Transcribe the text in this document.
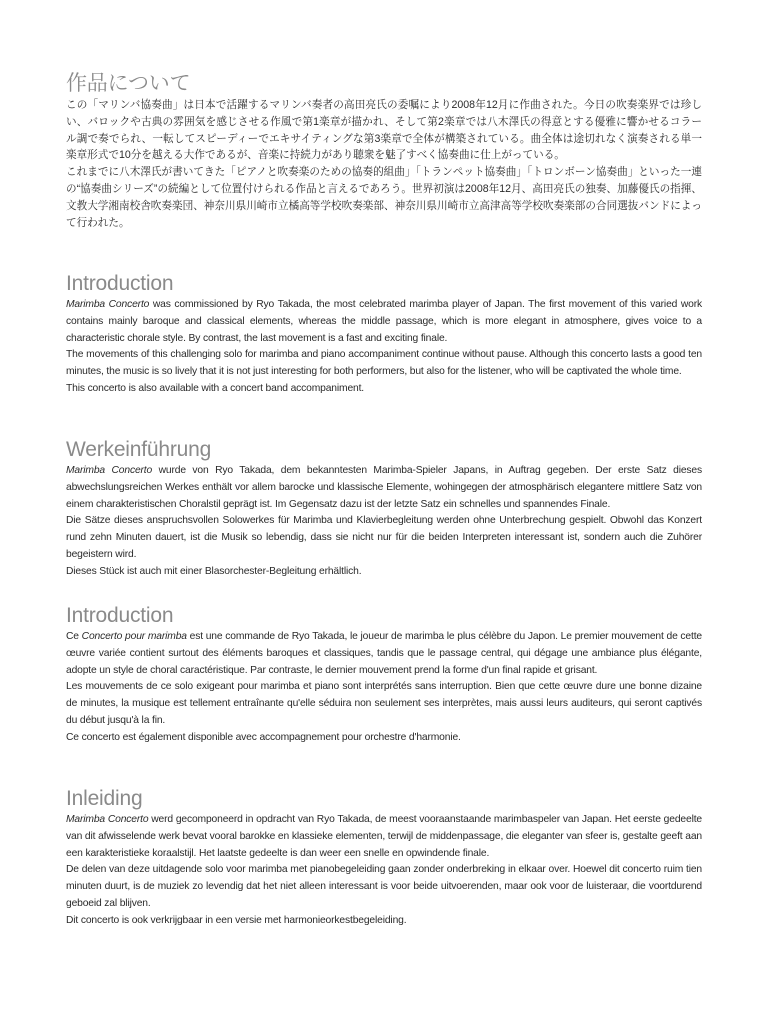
作品について

この「マリンバ協奏曲」は日本で活躍するマリンバ奏者の高田亮氏の委嘱により2008年12月に作曲された。今日の吹奏楽界では珍しい、バロックや古典の雰囲気を感じさせる作風で第1楽章が描かれ、そして第2楽章では八木澤氏の得意とする優雅に響かせるコラール調で奏でられ、一転してスピーディーでエキサイティングな第3楽章で全体が構築されている。曲全体は途切れなく演奏される単一楽章形式で10分を越える大作であるが、音楽に持続力があり聴衆を魅了すべく協奏曲に仕上がっている。

これまでに八木澤氏が書いてきた「ピアノと吹奏楽のための協奏的組曲」「トランペット協奏曲」「トロンボーン協奏曲」といった一連の“協奏曲シリーズ”の続編として位置付けられる作品と言えるであろう。世界初演は2008年12月、高田亮氏の独奏、加藤優氏の指揮、文教大学湘南校舎吹奏楽団、神奈川県川崎市立橘高等学校吹奏楽部、神奈川県川崎市立高津高等学校吹奏楽部の合同選抜バンドによって行われた。

Introduction

Marimba Concerto was commissioned by Ryo Takada, the most celebrated marimba player of Japan. The first movement of this varied work contains mainly baroque and classical elements, whereas the middle passage, which is more elegant in atmosphere, gives voice to a characteristic chorale style. By contrast, the last movement is a fast and exciting finale.

The movements of this challenging solo for marimba and piano accompaniment continue without pause. Although this concerto lasts a good ten minutes, the music is so lively that it is not just interesting for both performers, but also for the listener, who will be captivated the whole time.

This concerto is also available with a concert band accompaniment.

Werkeinführung

Marimba Concerto wurde von Ryo Takada, dem bekanntesten Marimba-Spieler Japans, in Auftrag gegeben. Der erste Satz dieses abwechslungsreichen Werkes enthält vor allem barocke und klassische Elemente, wohingegen der atmosphärisch elegantere mittlere Satz von einem charakteristischen Choralstil geprägt ist. Im Gegensatz dazu ist der letzte Satz ein schnelles und spannendes Finale.

Die Sätze dieses anspruchsvollen Solowerkes für Marimba und Klavierbegleitung werden ohne Unterbrechung gespielt. Obwohl das Konzert rund zehn Minuten dauert, ist die Musik so lebendig, dass sie nicht nur für die beiden Interpreten interessant ist, sondern auch die Zuhörer begeistern wird.

Dieses Stück ist auch mit einer Blasorchester-Begleitung erhältlich.

Introduction

Ce Concerto pour marimba est une commande de Ryo Takada, le joueur de marimba le plus célèbre du Japon. Le premier mouvement de cette œuvre variée contient surtout des éléments baroques et classiques, tandis que le passage central, qui dégage une ambiance plus élégante, adopte un style de choral caractéristique. Par contraste, le dernier mouvement prend la forme d'un final rapide et grisant.

Les mouvements de ce solo exigeant pour marimba et piano sont interprétés sans interruption. Bien que cette œuvre dure une bonne dizaine de minutes, la musique est tellement entraînante qu'elle séduira non seulement ses interprètes, mais aussi leurs auditeurs, qui seront captivés du début jusqu'à la fin.

Ce concerto est également disponible avec accompagnement pour orchestre d'harmonie.

Inleiding

Marimba Concerto werd gecomponeerd in opdracht van Ryo Takada, de meest vooraanstaande marimbaspeler van Japan. Het eerste gedeelte van dit afwisselende werk bevat vooral barokke en klassieke elementen, terwijl de middenpassage, die eleganter van sfeer is, gestalte geeft aan een karakteristieke koraalstijl. Het laatste gedeelte is dan weer een snelle en opwindende finale.

De delen van deze uitdagende solo voor marimba met pianobegeleiding gaan zonder onderbreking in elkaar over. Hoewel dit concerto ruim tien minuten duurt, is de muziek zo levendig dat het niet alleen interessant is voor beide uitvoerenden, maar ook voor de luisteraar, die voortdurend geboeid zal blijven.

Dit concerto is ook verkrijgbaar in een versie met harmonieorkestbegeleiding.
